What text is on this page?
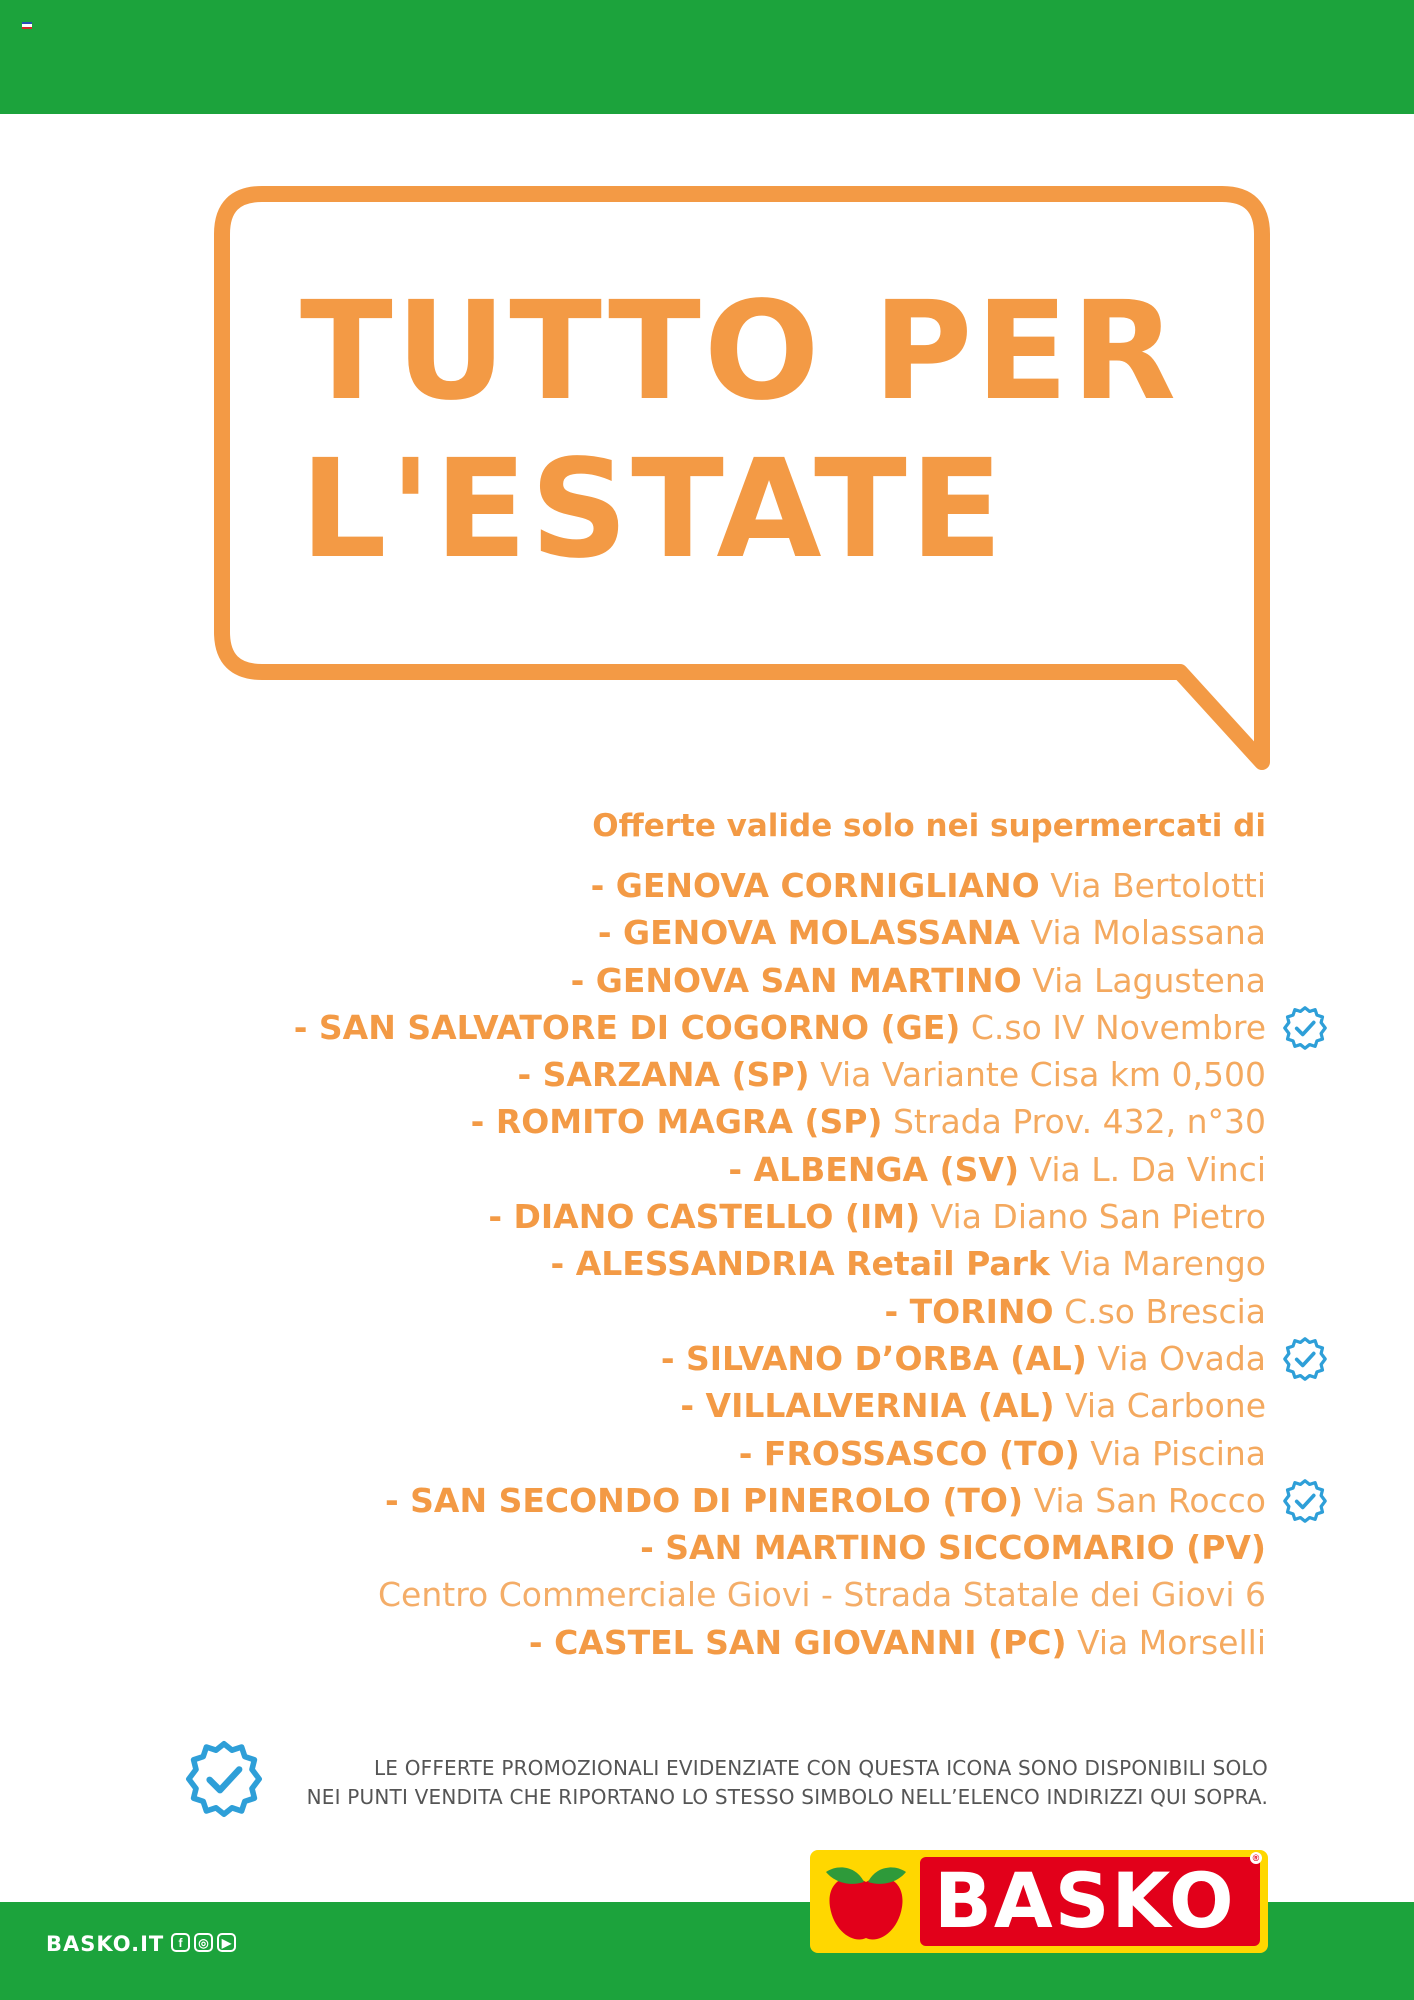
TUTTO PER
L'ESTATE
Offerte valide solo nei supermercati di
- GENOVA CORNIGLIANO Via Bertolotti
- GENOVA MOLASSANA Via Molassana
- GENOVA SAN MARTINO Via Lagustena
- SAN SALVATORE DI COGORNO (GE) C.so IV Novembre
- SARZANA (SP) Via Variante Cisa km 0,500
- ROMITO MAGRA (SP) Strada Prov. 432, n°30
- ALBENGA (SV) Via L. Da Vinci
- DIANO CASTELLO (IM) Via Diano San Pietro
- ALESSANDRIA Retail Park Via Marengo
- TORINO C.so Brescia
- SILVANO D’ORBA (AL) Via Ovada
- VILLALVERNIA (AL) Via Carbone
- FROSSASCO (TO) Via Piscina
- SAN SECONDO DI PINEROLO (TO) Via San Rocco
- SAN MARTINO SICCOMARIO (PV)
Centro Commerciale Giovi - Strada Statale dei Giovi 6
- CASTEL SAN GIOVANNI (PC) Via Morselli
LE OFFERTE PROMOZIONALI EVIDENZIATE CON QUESTA ICONA SONO DISPONIBILI SOLO
NEI PUNTI VENDITA CHE RIPORTANO LO STESSO SIMBOLO NELL’ELENCO INDIRIZZI QUI SOPRA.
BASKO.IT	f	◎	▶	BASKO ®
